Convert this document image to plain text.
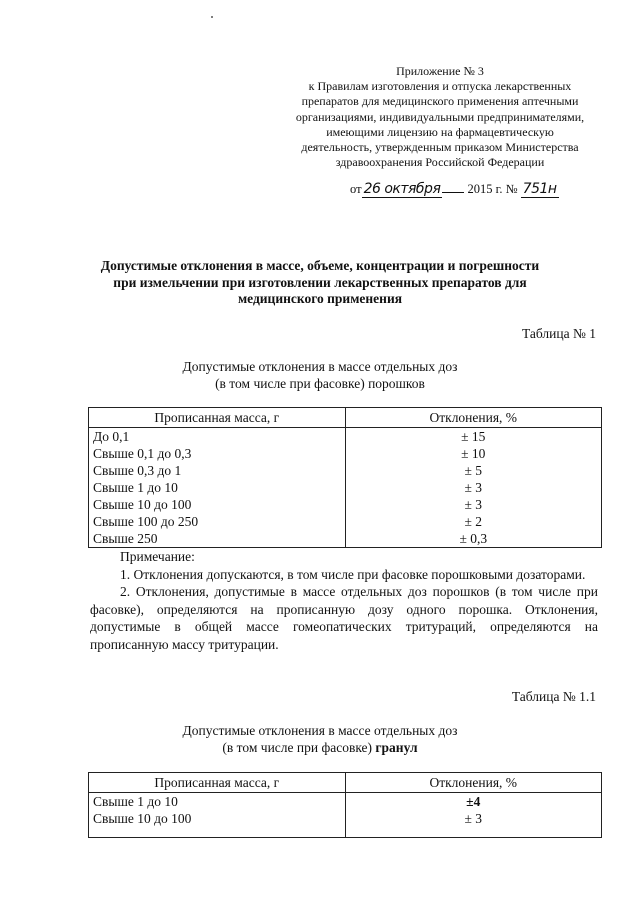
Приложение № 3
к Правилам изготовления и отпуска лекарственных
препаратов для медицинского применения аптечными
организациями, индивидуальными предпринимателями,
имеющими лицензию на фармацевтическую
деятельность, утвержденным приказом Министерства
здравоохранения Российской Федерации
от 26 октября 2015 г. № 751н
Допустимые отклонения в массе, объеме, концентрации и погрешности
при измельчении при изготовлении лекарственных препаратов для
медицинского применения
Таблица № 1
Допустимые отклонения в массе отдельных доз
(в том числе при фасовке) порошков
Прописанная масса, г	Отклонения, %
До 0,1	± 15
Свыше 0,1 до 0,3	± 10
Свыше 0,3 до 1	± 5
Свыше 1 до 10	± 3
Свыше 10 до 100	± 3
Свыше 100 до 250	± 2
Свыше 250	± 0,3

Примечание:

1. Отклонения допускаются, в том числе при фасовке порошковыми дозаторами.

2. Отклонения, допустимые в массе отдельных доз порошков (в том числе при фасовке), определяются на прописанную дозу одного порошка. Отклонения, допустимые в общей массе гомеопатических тритураций, определяются на прописанную массу тритурации.

Таблица № 1.1
Допустимые отклонения в массе отдельных доз
(в том числе при фасовке) гранул
Прописанная масса, г	Отклонения, %
Свыше 1 до 10	±4
Свыше 10 до 100	± 3
